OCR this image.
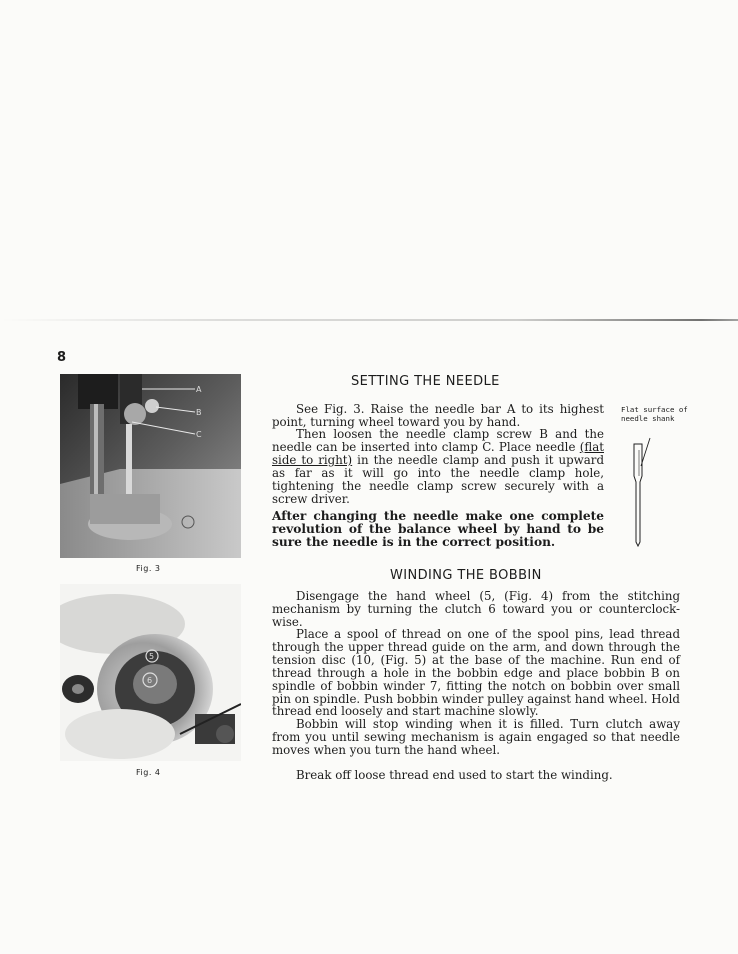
8
A
B
C
Fig. 3
5
6
Fig. 4
SETTING THE NEEDLE

See Fig. 3. Raise the needle bar A to its highest point, turning wheel toward you by hand.

Then loosen the needle clamp screw B and the needle can be inserted into clamp C. Place needle (flat side to right) in the needle clamp and push it upward as far as it will go into the needle clamp hole, tightening the needle clamp screw securely with a screw driver.

After changing the needle make one complete revolution of the balance wheel by hand to be sure the needle is in the correct position.

Flat surface of needle shank
WINDING THE BOBBIN

Disengage the hand wheel (5, (Fig. 4) from the stitching mechanism by turning the clutch 6 toward you or counterclock-wise.

Place a spool of thread on one of the spool pins, lead thread through the upper thread guide on the arm, and down through the tension disc (10, (Fig. 5) at the base of the machine. Run end of thread through a hole in the bobbin edge and place bobbin B on spindle of bobbin winder 7, fitting the notch on bobbin over small pin on spindle. Push bobbin winder pulley against hand wheel. Hold thread end loosely and start machine slowly.

Bobbin will stop winding when it is filled. Turn clutch away from you until sewing mechanism is again engaged so that needle moves when you turn the hand wheel.

Break off loose thread end used to start the winding.
